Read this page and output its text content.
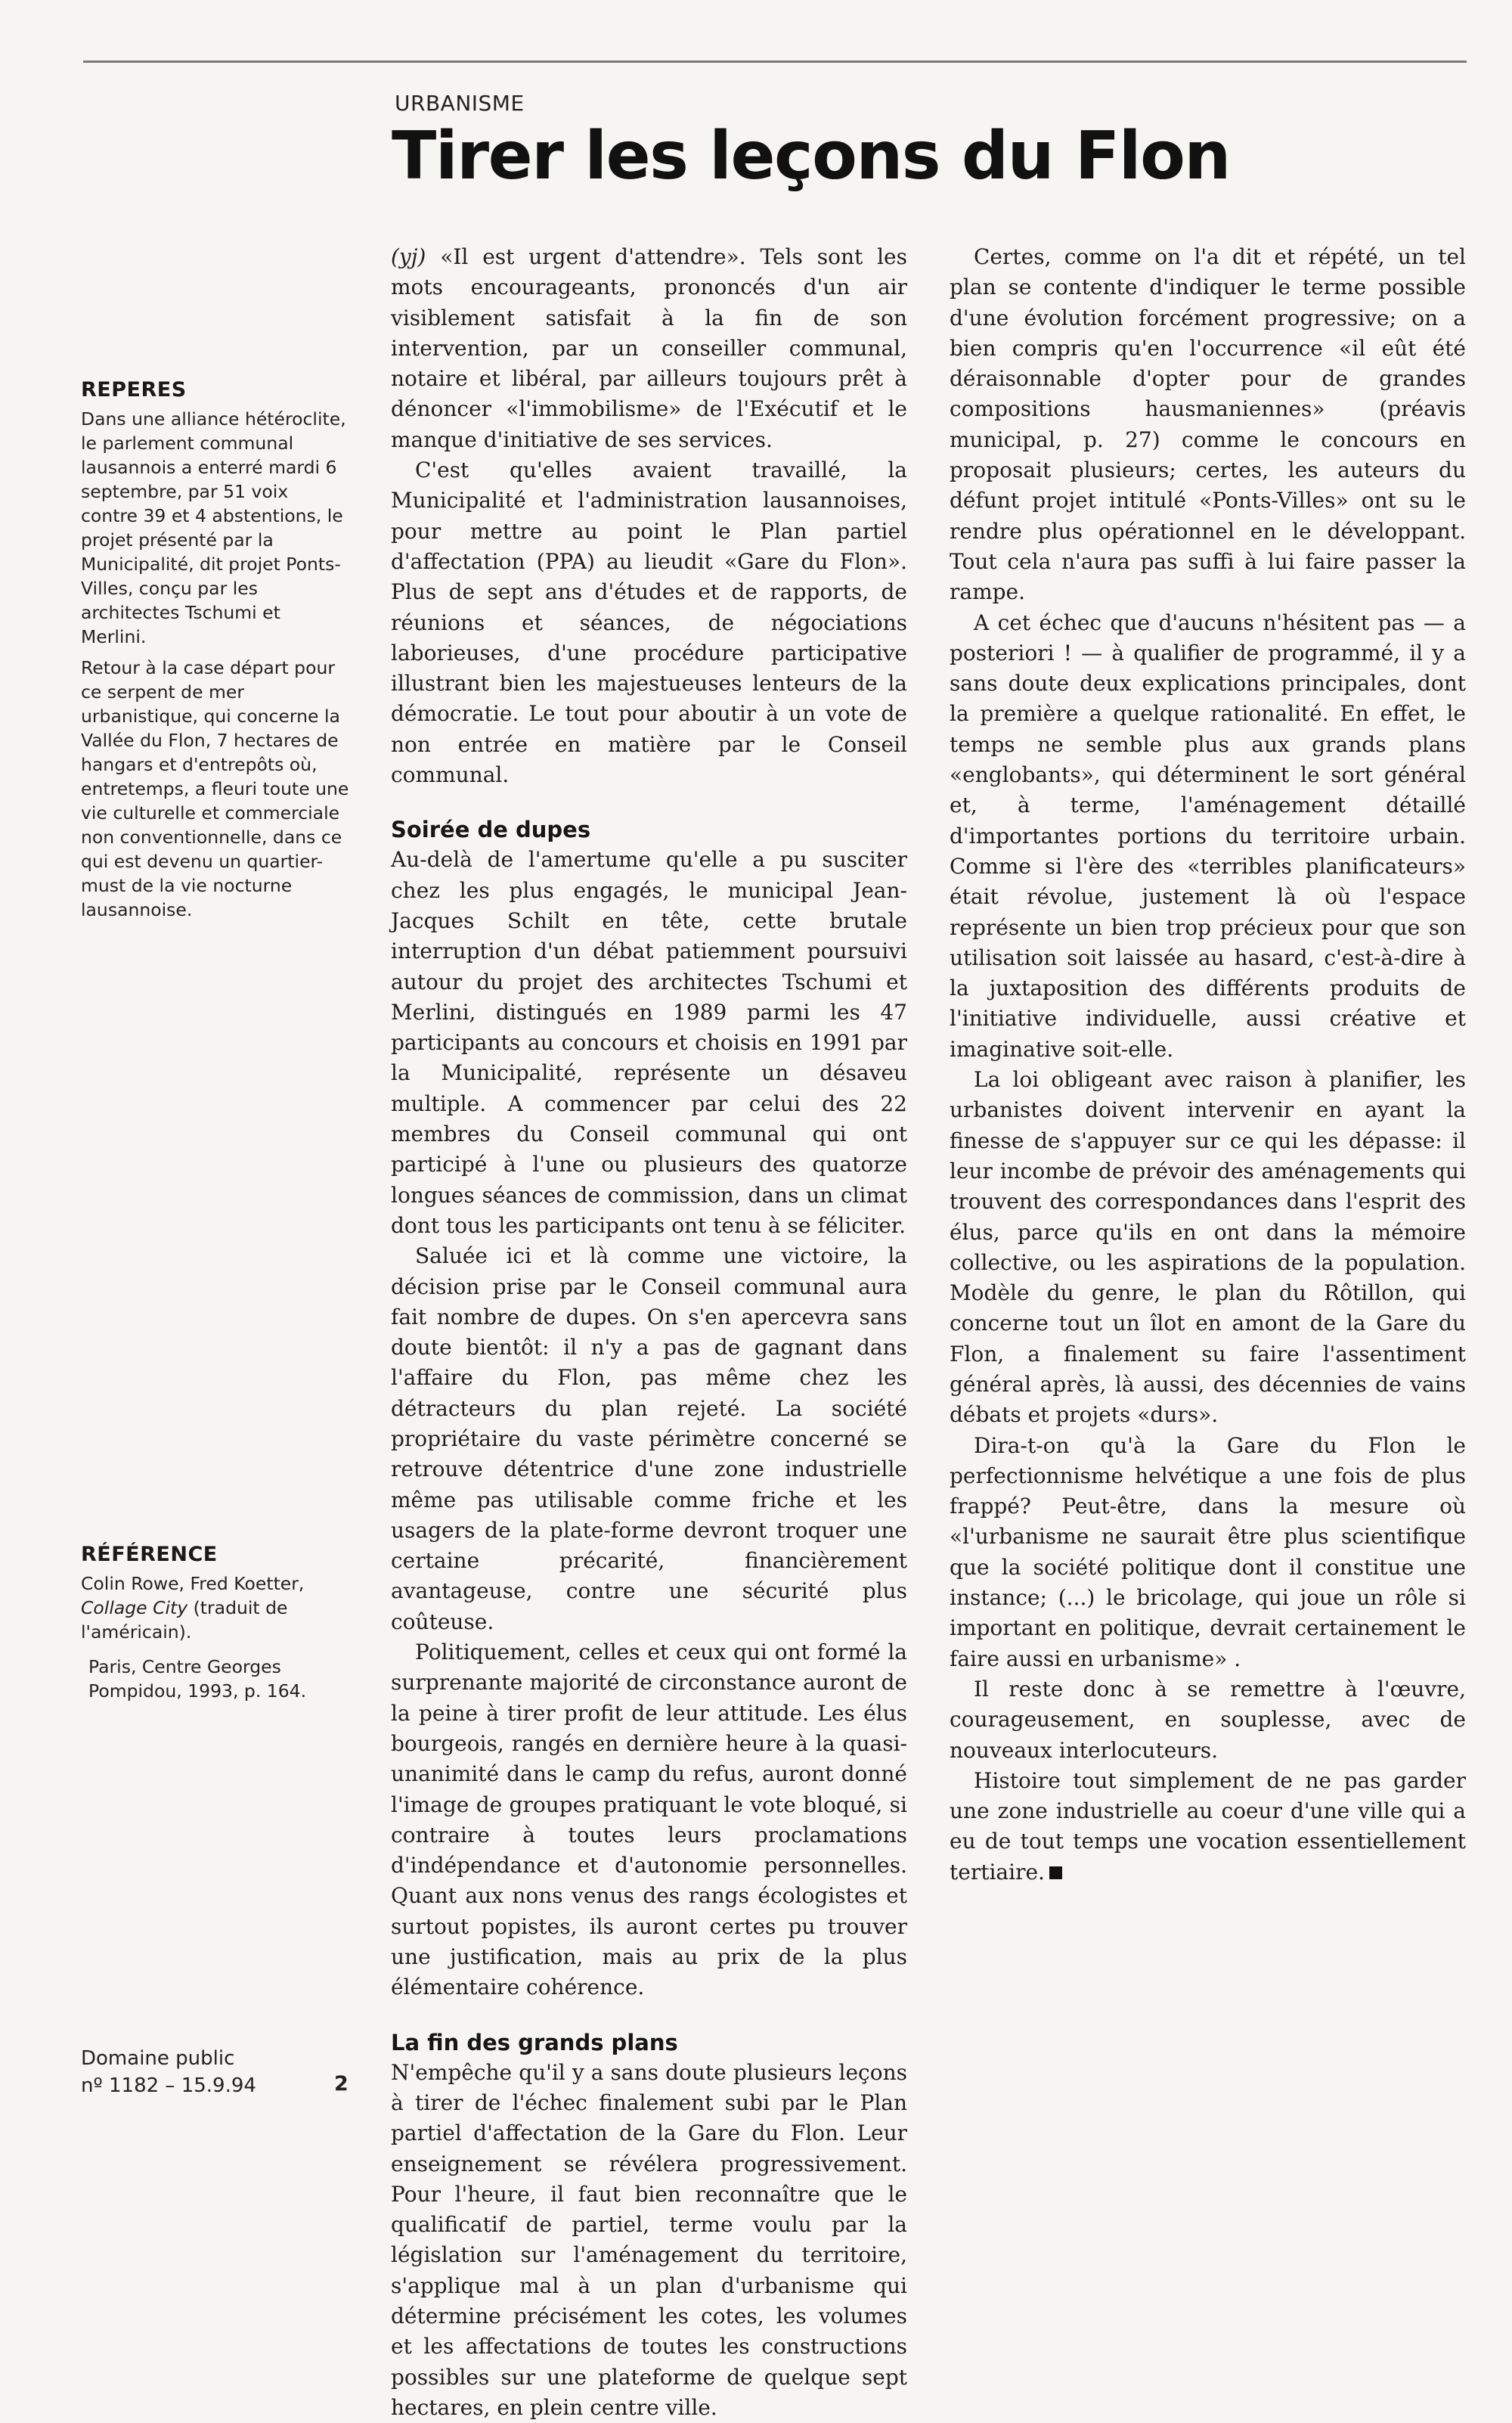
URBANISME
Tirer les leçons du Flon
REPERES

Dans une alliance hétéroclite, le parlement communal lausannois a enterré mardi 6 septembre, par 51 voix contre 39 et 4 abstentions, le projet présenté par la Municipalité, dit projet Ponts-Villes, conçu par les architectes Tschumi et Merlini.

Retour à la case départ pour ce serpent de mer urbanistique, qui concerne la Vallée du Flon, 7 hectares de hangars et d'entrepôts où, entretemps, a fleuri toute une vie culturelle et commerciale non conventionnelle, dans ce qui est devenu un quartier-must de la vie nocturne lausannoise.

RÉFÉRENCE

Colin Rowe, Fred Koetter, Collage City (traduit de l'américain).

Paris, Centre Georges Pompidou, 1993, p. 164.

Domaine public
nº 1182 – 15.9.94	2

(yj) «Il est urgent d'attendre». Tels sont les mots encourageants, prononcés d'un air visiblement satisfait à la fin de son intervention, par un conseiller communal, notaire et libéral, par ailleurs toujours prêt à dénoncer «l'immobilisme» de l'Exécutif et le manque d'initiative de ses services.

C'est qu'elles avaient travaillé, la Municipalité et l'administration lausannoises, pour mettre au point le Plan partiel d'affectation (PPA) au lieudit «Gare du Flon». Plus de sept ans d'études et de rapports, de réunions et séances, de négociations laborieuses, d'une procédure participative illustrant bien les majestueuses lenteurs de la démocratie. Le tout pour aboutir à un vote de non entrée en matière par le Conseil communal.

Soirée de dupes

Au-delà de l'amertume qu'elle a pu susciter chez les plus engagés, le municipal Jean-Jacques Schilt en tête, cette brutale interruption d'un débat patiemment poursuivi autour du projet des architectes Tschumi et Merlini, distingués en 1989 parmi les 47 participants au concours et choisis en 1991 par la Municipalité, représente un désaveu multiple. A commencer par celui des 22 membres du Conseil communal qui ont participé à l'une ou plusieurs des quatorze longues séances de commission, dans un climat dont tous les participants ont tenu à se féliciter.

Saluée ici et là comme une victoire, la décision prise par le Conseil communal aura fait nombre de dupes. On s'en apercevra sans doute bientôt: il n'y a pas de gagnant dans l'affaire du Flon, pas même chez les détracteurs du plan rejeté. La société propriétaire du vaste périmètre concerné se retrouve détentrice d'une zone industrielle même pas utilisable comme friche et les usagers de la plate-forme devront troquer une certaine précarité, financièrement avantageuse, contre une sécurité plus coûteuse.

Politiquement, celles et ceux qui ont formé la surprenante majorité de circonstance auront de la peine à tirer profit de leur attitude. Les élus bourgeois, rangés en dernière heure à la quasi-unanimité dans le camp du refus, auront donné l'image de groupes pratiquant le vote bloqué, si contraire à toutes leurs proclamations d'indépendance et d'autonomie personnelles. Quant aux nons venus des rangs écologistes et surtout popistes, ils auront certes pu trouver une justification, mais au prix de la plus élémentaire cohérence.

La fin des grands plans

N'empêche qu'il y a sans doute plusieurs leçons à tirer de l'échec finalement subi par le Plan partiel d'affectation de la Gare du Flon. Leur enseignement se révélera progressivement. Pour l'heure, il faut bien reconnaître que le qualificatif de partiel, terme voulu par la législation sur l'aménagement du territoire, s'applique mal à un plan d'urbanisme qui détermine précisément les cotes, les volumes et les affectations de toutes les constructions possibles sur une plateforme de quelque sept hectares, en plein centre ville.

Certes, comme on l'a dit et répété, un tel plan se contente d'indiquer le terme possible d'une évolution forcément progressive; on a bien compris qu'en l'occurrence «il eût été déraisonnable d'opter pour de grandes compositions hausmaniennes» (préavis municipal, p. 27) comme le concours en proposait plusieurs; certes, les auteurs du défunt projet intitulé «Ponts-Villes» ont su le rendre plus opérationnel en le développant. Tout cela n'aura pas suffi à lui faire passer la rampe.

A cet échec que d'aucuns n'hésitent pas — a posteriori ! — à qualifier de programmé, il y a sans doute deux explications principales, dont la première a quelque rationalité. En effet, le temps ne semble plus aux grands plans «englobants», qui déterminent le sort général et, à terme, l'aménagement détaillé d'importantes portions du territoire urbain. Comme si l'ère des «terribles planificateurs» était révolue, justement là où l'espace représente un bien trop précieux pour que son utilisation soit laissée au hasard, c'est-à-dire à la juxtaposition des différents produits de l'initiative individuelle, aussi créative et imaginative soit-elle.

La loi obligeant avec raison à planifier, les urbanistes doivent intervenir en ayant la finesse de s'appuyer sur ce qui les dépasse: il leur incombe de prévoir des aménagements qui trouvent des correspondances dans l'esprit des élus, parce qu'ils en ont dans la mémoire collective, ou les aspirations de la population. Modèle du genre, le plan du Rôtillon, qui concerne tout un îlot en amont de la Gare du Flon, a finalement su faire l'assentiment général après, là aussi, des décennies de vains débats et projets «durs».

Dira-t-on qu'à la Gare du Flon le perfectionnisme helvétique a une fois de plus frappé? Peut-être, dans la mesure où «l'urbanisme ne saurait être plus scientifique que la société politique dont il constitue une instance; (...) le bricolage, qui joue un rôle si important en politique, devrait certainement le faire aussi en urbanisme» .

Il reste donc à se remettre à l'œuvre, courageusement, en souplesse, avec de nouveaux interlocuteurs.

Histoire tout simplement de ne pas garder une zone industrielle au coeur d'une ville qui a eu de tout temps une vocation essentiellement tertiaire.
